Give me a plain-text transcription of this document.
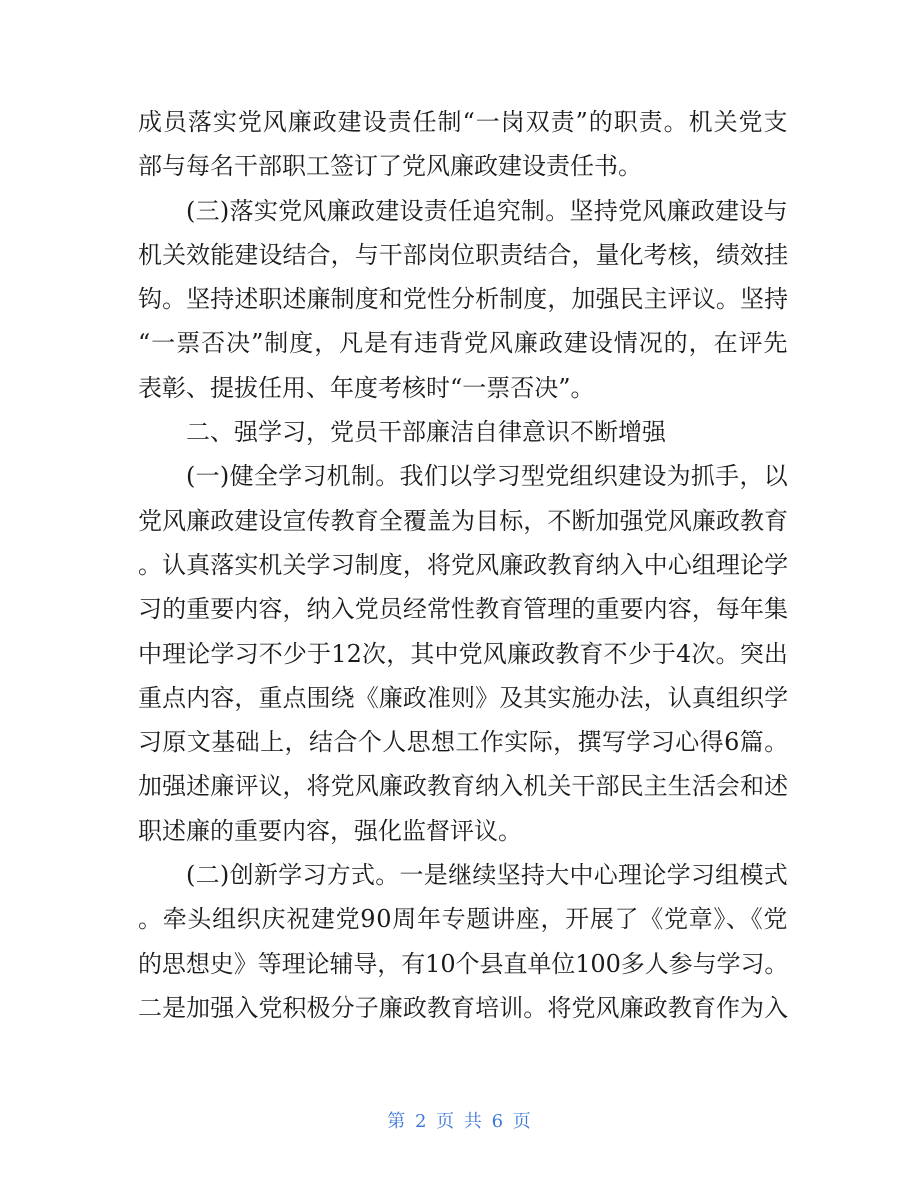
成员落实党风廉政建设责任制“一岗双责”的职责。机关党支
部与每名干部职工签订了党风廉政建设责任书。
(三)落实党风廉政建设责任追究制。坚持党风廉政建设与
机关效能建设结合，与干部岗位职责结合，量化考核，绩效挂
钩。坚持述职述廉制度和党性分析制度，加强民主评议。坚持
“一票否决”制度，凡是有违背党风廉政建设情况的，在评先
表彰、提拔任用、年度考核时“一票否决”。
二、强学习，党员干部廉洁自律意识不断增强
(一)健全学习机制。我们以学习型党组织建设为抓手，以
党风廉政建设宣传教育全覆盖为目标，不断加强党风廉政教育
。认真落实机关学习制度，将党风廉政教育纳入中心组理论学
习的重要内容，纳入党员经常性教育管理的重要内容，每年集
中理论学习不少于12次，其中党风廉政教育不少于4次。突出
重点内容，重点围绕《廉政准则》及其实施办法，认真组织学
习原文基础上，结合个人思想工作实际，撰写学习心得6篇。
加强述廉评议，将党风廉政教育纳入机关干部民主生活会和述
职述廉的重要内容，强化监督评议。
(二)创新学习方式。一是继续坚持大中心理论学习组模式
。牵头组织庆祝建党90周年专题讲座，开展了《党章》、《党
的思想史》等理论辅导，有10个县直单位100多人参与学习。
二是加强入党积极分子廉政教育培训。将党风廉政教育作为入
第 2 页 共 6 页
